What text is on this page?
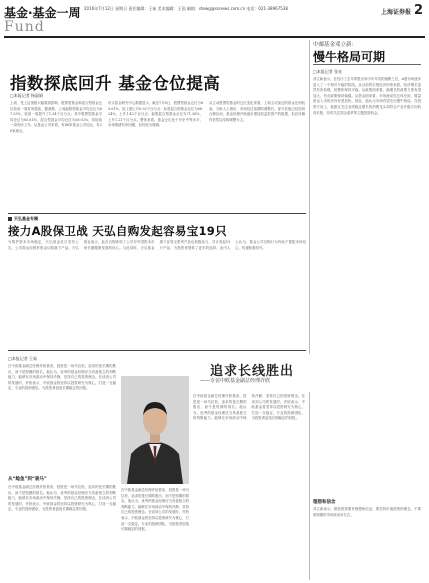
基金·基金一周
Fund
2016年7月12日 星期日 责任编辑：王茹 美术编辑：王国 邮箱：stewg@ssnews.com.cn 电话：021-38967538
上海证券报 2
指数探底回升 基金仓位提高
□本报记者 杨淑娟
上周，受上证指数大幅震荡影响，股票型基金和混合型基金仓位较前一周有所提高，据测算，上周偏股型基金平均仓位为67.25%，较前一周提升了1.34个百分点；其中股票型基金平均仓位为85.61%，混合型基金平均仓位为58.92%，均较前一周有所上升。从基金公司来看，有46家基金公司加仓，有26家减仓。
好买基金研究中心数据显示，截至7月8日，股票型基金仓位为85.61%，较上期上升0.92个百分点；标准混合型基金仓位为68.24%，上升1.42个百分点；偏股混合型基金仓位为71.36%，上升1.21个百分点。整体来看，基金仓位处于历史中等水平，市场情绪有所回暖，但仍较为谨慎。
从主动股票型基金的仓位变化来看，上周主动加仓的基金比例较高。分析人士指出，市场经过前期的调整后，部分估值已经回到合理区间，基金经理开始逐步增加权益类资产的配置，但总体操作依然以结构调整为主。
中邮基金邓立新：
慢牛格局可期
□本报记者 张亮
邓立新表示，在经历了去年的股灾和今年年初的熔断之后，A股市场逐步进入了一个相对平稳的阶段。从目前的宏观经济形势来看，经济增长虽然有所放缓，但整体保持平稳。从政策面来看，稳增长的政策力度有望加大，货币政策保持稳健。从资金面来看，市场流动性总体充裕，增量资金入市的步伐有望加快。因此，他认为市场有望走出慢牛格局。在投资方向上，他建议关注业绩稳定增长的消费龙头和符合产业升级方向的成长股，同时关注国企改革等主题投资机会。
理想和信念
邓立新表示，做投资需要有理想和信念，要坚持价值投资的理念，不要被短期的市场波动所左右。
天弘基金专稿
接力A股保卫战 天弘自购发起容易宝19只
为维护资本市场稳定，天弘基金近日发布公告，公司将运用固有资金认购旗下产品。天弘基金表示，此次自购体现了公司对中国资本市场长期健康发展的信心。与此同时，天弘基金旗下容易宝系列产品也积极参与，共计发起19只产品，为投资者提供了更多的选择。业内人士认为，基金公司自购行为有助于提振市场信心，传递积极信号。
追求长线胜出
——专访中欧基金副总经理许欣
□本报记者 王茹
在中欧基金副总经理许欣看来，投资是一场马拉松，追求的是长期的胜出，而不是短期的排名。他认为，优秀的基金经理应当具备独立的判断能力，能够在市场波动中保持冷静，坚持自己的投资理念。在谈到公司的发展时，许欣表示，中欧基金将坚持以投资研究为核心，打造一支稳定、专业的投研团队，为投资者创造长期稳定的回报。
从“鲶鱼”到“骏马”
在中欧基金副总经理许欣看来，投资是一场马拉松，追求的是长期的胜出，而不是短期的排名。他认为，优秀的基金经理应当具备独立的判断能力，能够在市场波动中保持冷静，坚持自己的投资理念。在谈到公司的发展时，许欣表示，中欧基金将坚持以投资研究为核心，打造一支稳定、专业的投研团队，为投资者创造长期稳定的回报。
在中欧基金副总经理许欣看来，投资是一场马拉松，追求的是长期的胜出，而不是短期的排名。他认为，优秀的基金经理应当具备独立的判断能力，能够在市场波动中保持冷静，坚持自己的投资理念。在谈到公司的发展时，许欣表示，中欧基金将坚持以投资研究为核心，打造一支稳定、专业的投研团队，为投资者创造长期稳定的回报。
在中欧基金副总经理许欣看来，投资是一场马拉松，追求的是长期的胜出，而不是短期的排名。他认为，优秀的基金经理应当具备独立的判断能力，能够在市场波动中保持冷静，坚持自己的投资理念。在谈到公司的发展时，许欣表示，中欧基金将坚持以投资研究为核心，打造一支稳定、专业的投研团队，为投资者创造长期稳定的回报。
